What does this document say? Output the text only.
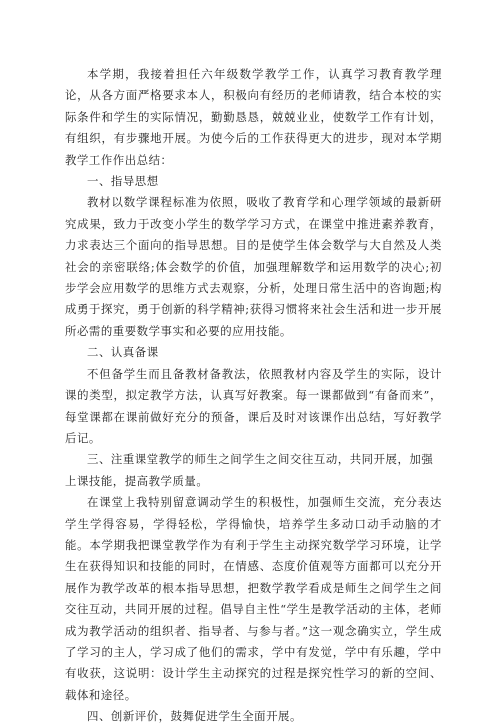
本学期，我接着担任六年级数学教学工作，认真学习教育教学理论，从各方面严格要求本人，积极向有经历的老师请教，结合本校的实际条件和学生的实际情况，勤勤恳恳，兢兢业业，使数学工作有计划，有组织，有步骤地开展。为使今后的工作获得更大的进步，现对本学期教学工作作出总结：

一、指导思想

教材以数学课程标准为依照，吸收了教育学和心理学领域的最新研究成果，致力于改变小学生的数学学习方式，在课堂中推进素养教育，力求表达三个面向的指导思想。目的是使学生体会数学与大自然及人类社会的亲密联络;体会数学的价值，加强理解数学和运用数学的决心;初步学会应用数学的思维方式去观察，分析，处理日常生活中的咨询题;构成勇于探究，勇于创新的科学精神;获得习惯将来社会生活和进一步开展所必需的重要数学事实和必要的应用技能。

二、认真备课

不但备学生而且备教材备教法，依照教材内容及学生的实际，设计课的类型，拟定教学方法，认真写好教案。每一课都做到“有备而来”，每堂课都在课前做好充分的预备，课后及时对该课作出总结，写好教学后记。

三、注重课堂教学的师生之间学生之间交往互动，共同开展，加强上课技能，提高教学质量。

在课堂上我特别留意调动学生的积极性，加强师生交流，充分表达学生学得容易，学得轻松，学得愉快，培养学生多动口动手动脑的才能。本学期我把课堂教学作为有利于学生主动探究数学学习环境，让学生在获得知识和技能的同时，在情感、态度价值观等方面都可以充分开展作为教学改革的根本指导思想，把数学教学看成是师生之间学生之间交往互动，共同开展的过程。倡导自主性“学生是教学活动的主体，老师成为教学活动的组织者、指导者、与参与者。”这一观念确实立，学生成了学习的主人，学习成了他们的需求，学中有发觉，学中有乐趣，学中有收获，这说明：设计学生主动探究的过程是探究性学习的新的空间、载体和途径。

四、创新评价，鼓舞促进学生全面开展。
